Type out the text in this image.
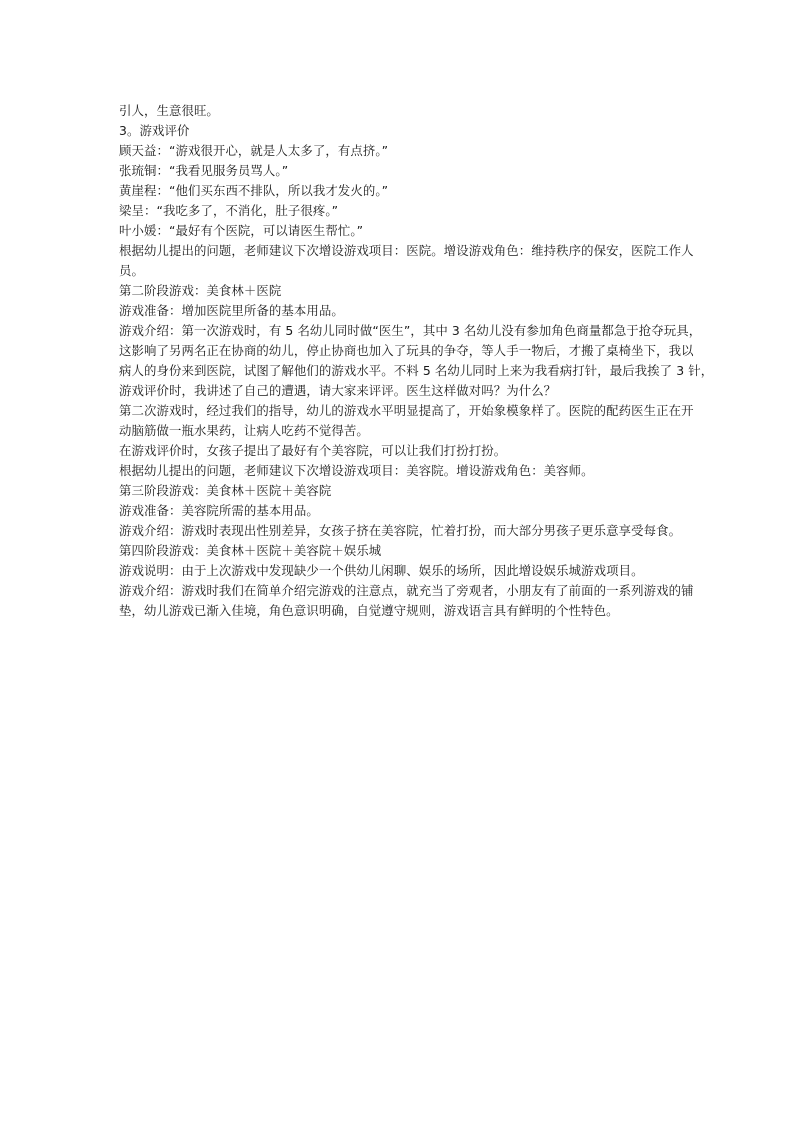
引人，生意很旺。
3。游戏评价
顾天益：“游戏很开心，就是人太多了，有点挤。”
张琉铜：“我看见服务员骂人。”
黄崖程：“他们买东西不排队，所以我才发火的。”
梁呈：“我吃多了，不消化，肚子很疼。”
叶小媛：“最好有个医院，可以请医生帮忙。”
根据幼儿提出的问题，老师建议下次增设游戏项目：医院。增设游戏角色：维持秩序的保安，医院工作人
员。
第二阶段游戏：美食林＋医院
游戏准备：增加医院里所备的基本用品。
游戏介绍：第一次游戏时，有 5 名幼儿同时做“医生”，其中 3 名幼儿没有参加角色商量都急于抢夺玩具，
这影响了另两名正在协商的幼儿，停止协商也加入了玩具的争夺，等人手一物后，才搬了桌椅坐下，我以
病人的身份来到医院，试图了解他们的游戏水平。不料 5 名幼儿同时上来为我看病打针，最后我挨了 3 针，
游戏评价时，我讲述了自己的遭遇，请大家来评评。医生这样做对吗？为什么？
第二次游戏时，经过我们的指导，幼儿的游戏水平明显提高了，开始象模象样了。医院的配药医生正在开
动脑筋做一瓶水果药，让病人吃药不觉得苦。
在游戏评价时，女孩子提出了最好有个美容院，可以让我们打扮打扮。
根据幼儿提出的问题，老师建议下次增设游戏项目：美容院。增设游戏角色：美容师。
第三阶段游戏：美食林＋医院＋美容院
游戏准备：美容院所需的基本用品。
游戏介绍：游戏时表现出性别差异，女孩子挤在美容院，忙着打扮，而大部分男孩子更乐意享受每食。
第四阶段游戏：美食林＋医院＋美容院＋娱乐城
游戏说明：由于上次游戏中发现缺少一个供幼儿闲聊、娱乐的场所，因此增设娱乐城游戏项目。
游戏介绍：游戏时我们在简单介绍完游戏的注意点，就充当了旁观者，小朋友有了前面的一系列游戏的铺
垫，幼儿游戏已渐入佳境，角色意识明确，自觉遵守规则，游戏语言具有鲜明的个性特色。
